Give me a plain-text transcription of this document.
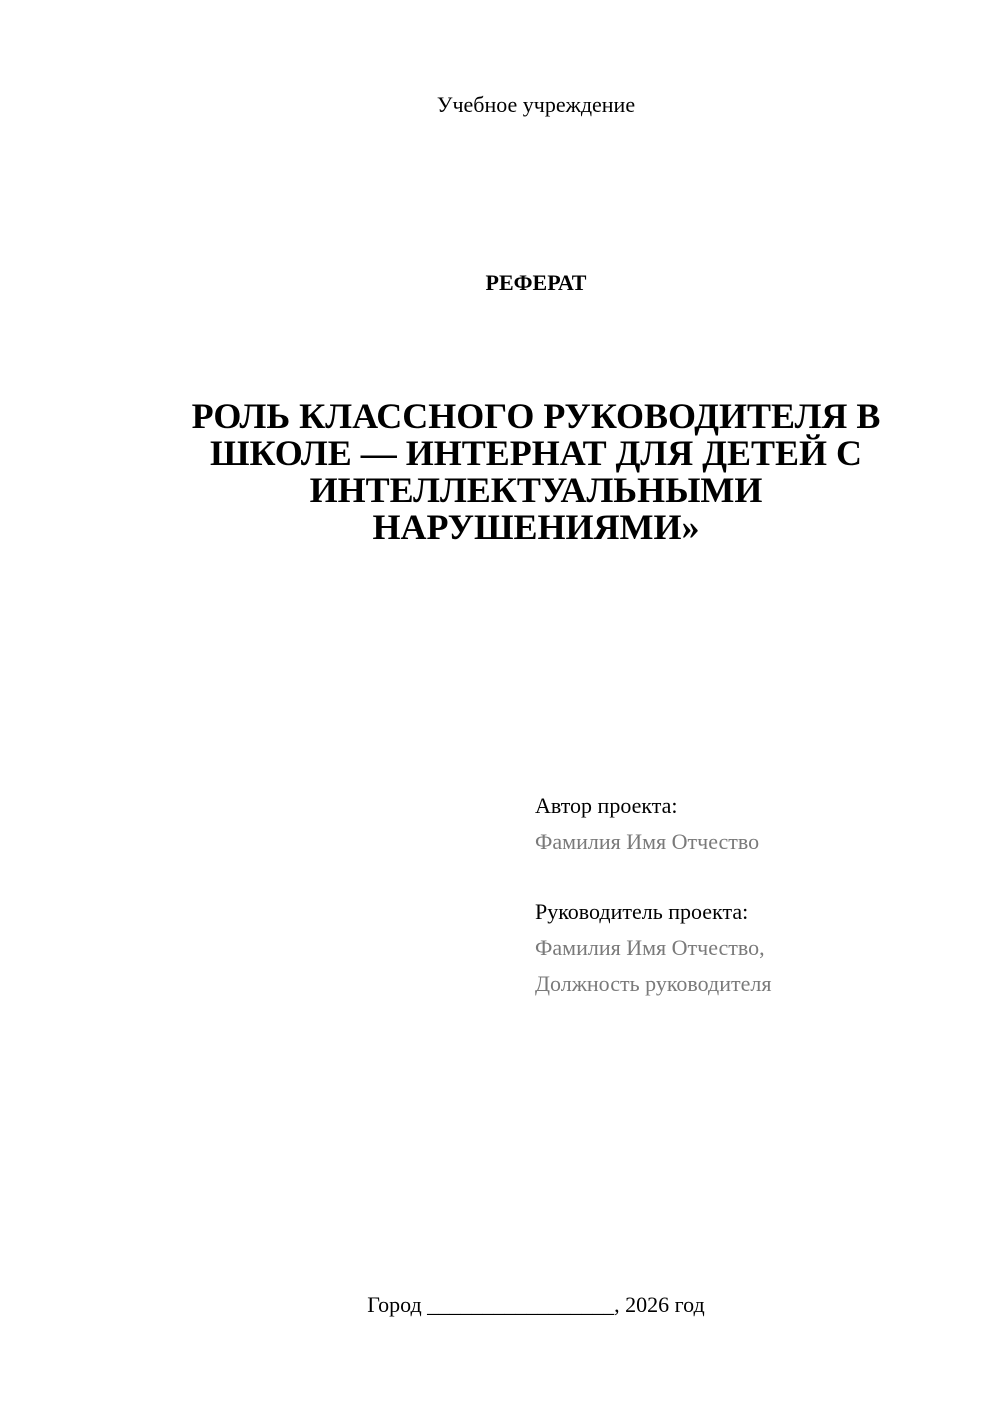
Учебное учреждение
РЕФЕРАТ
РОЛЬ КЛАССНОГО РУКОВОДИТЕЛЯ В
ШКОЛЕ — ИНТЕРНАТ ДЛЯ ДЕТЕЙ С
ИНТЕЛЛЕКТУАЛЬНЫМИ
НАРУШЕНИЯМИ»
Автор проекта:
Фамилия Имя Отчество
Руководитель проекта:
Фамилия Имя Отчество,
Должность руководителя
Город _________________, 2026 год
